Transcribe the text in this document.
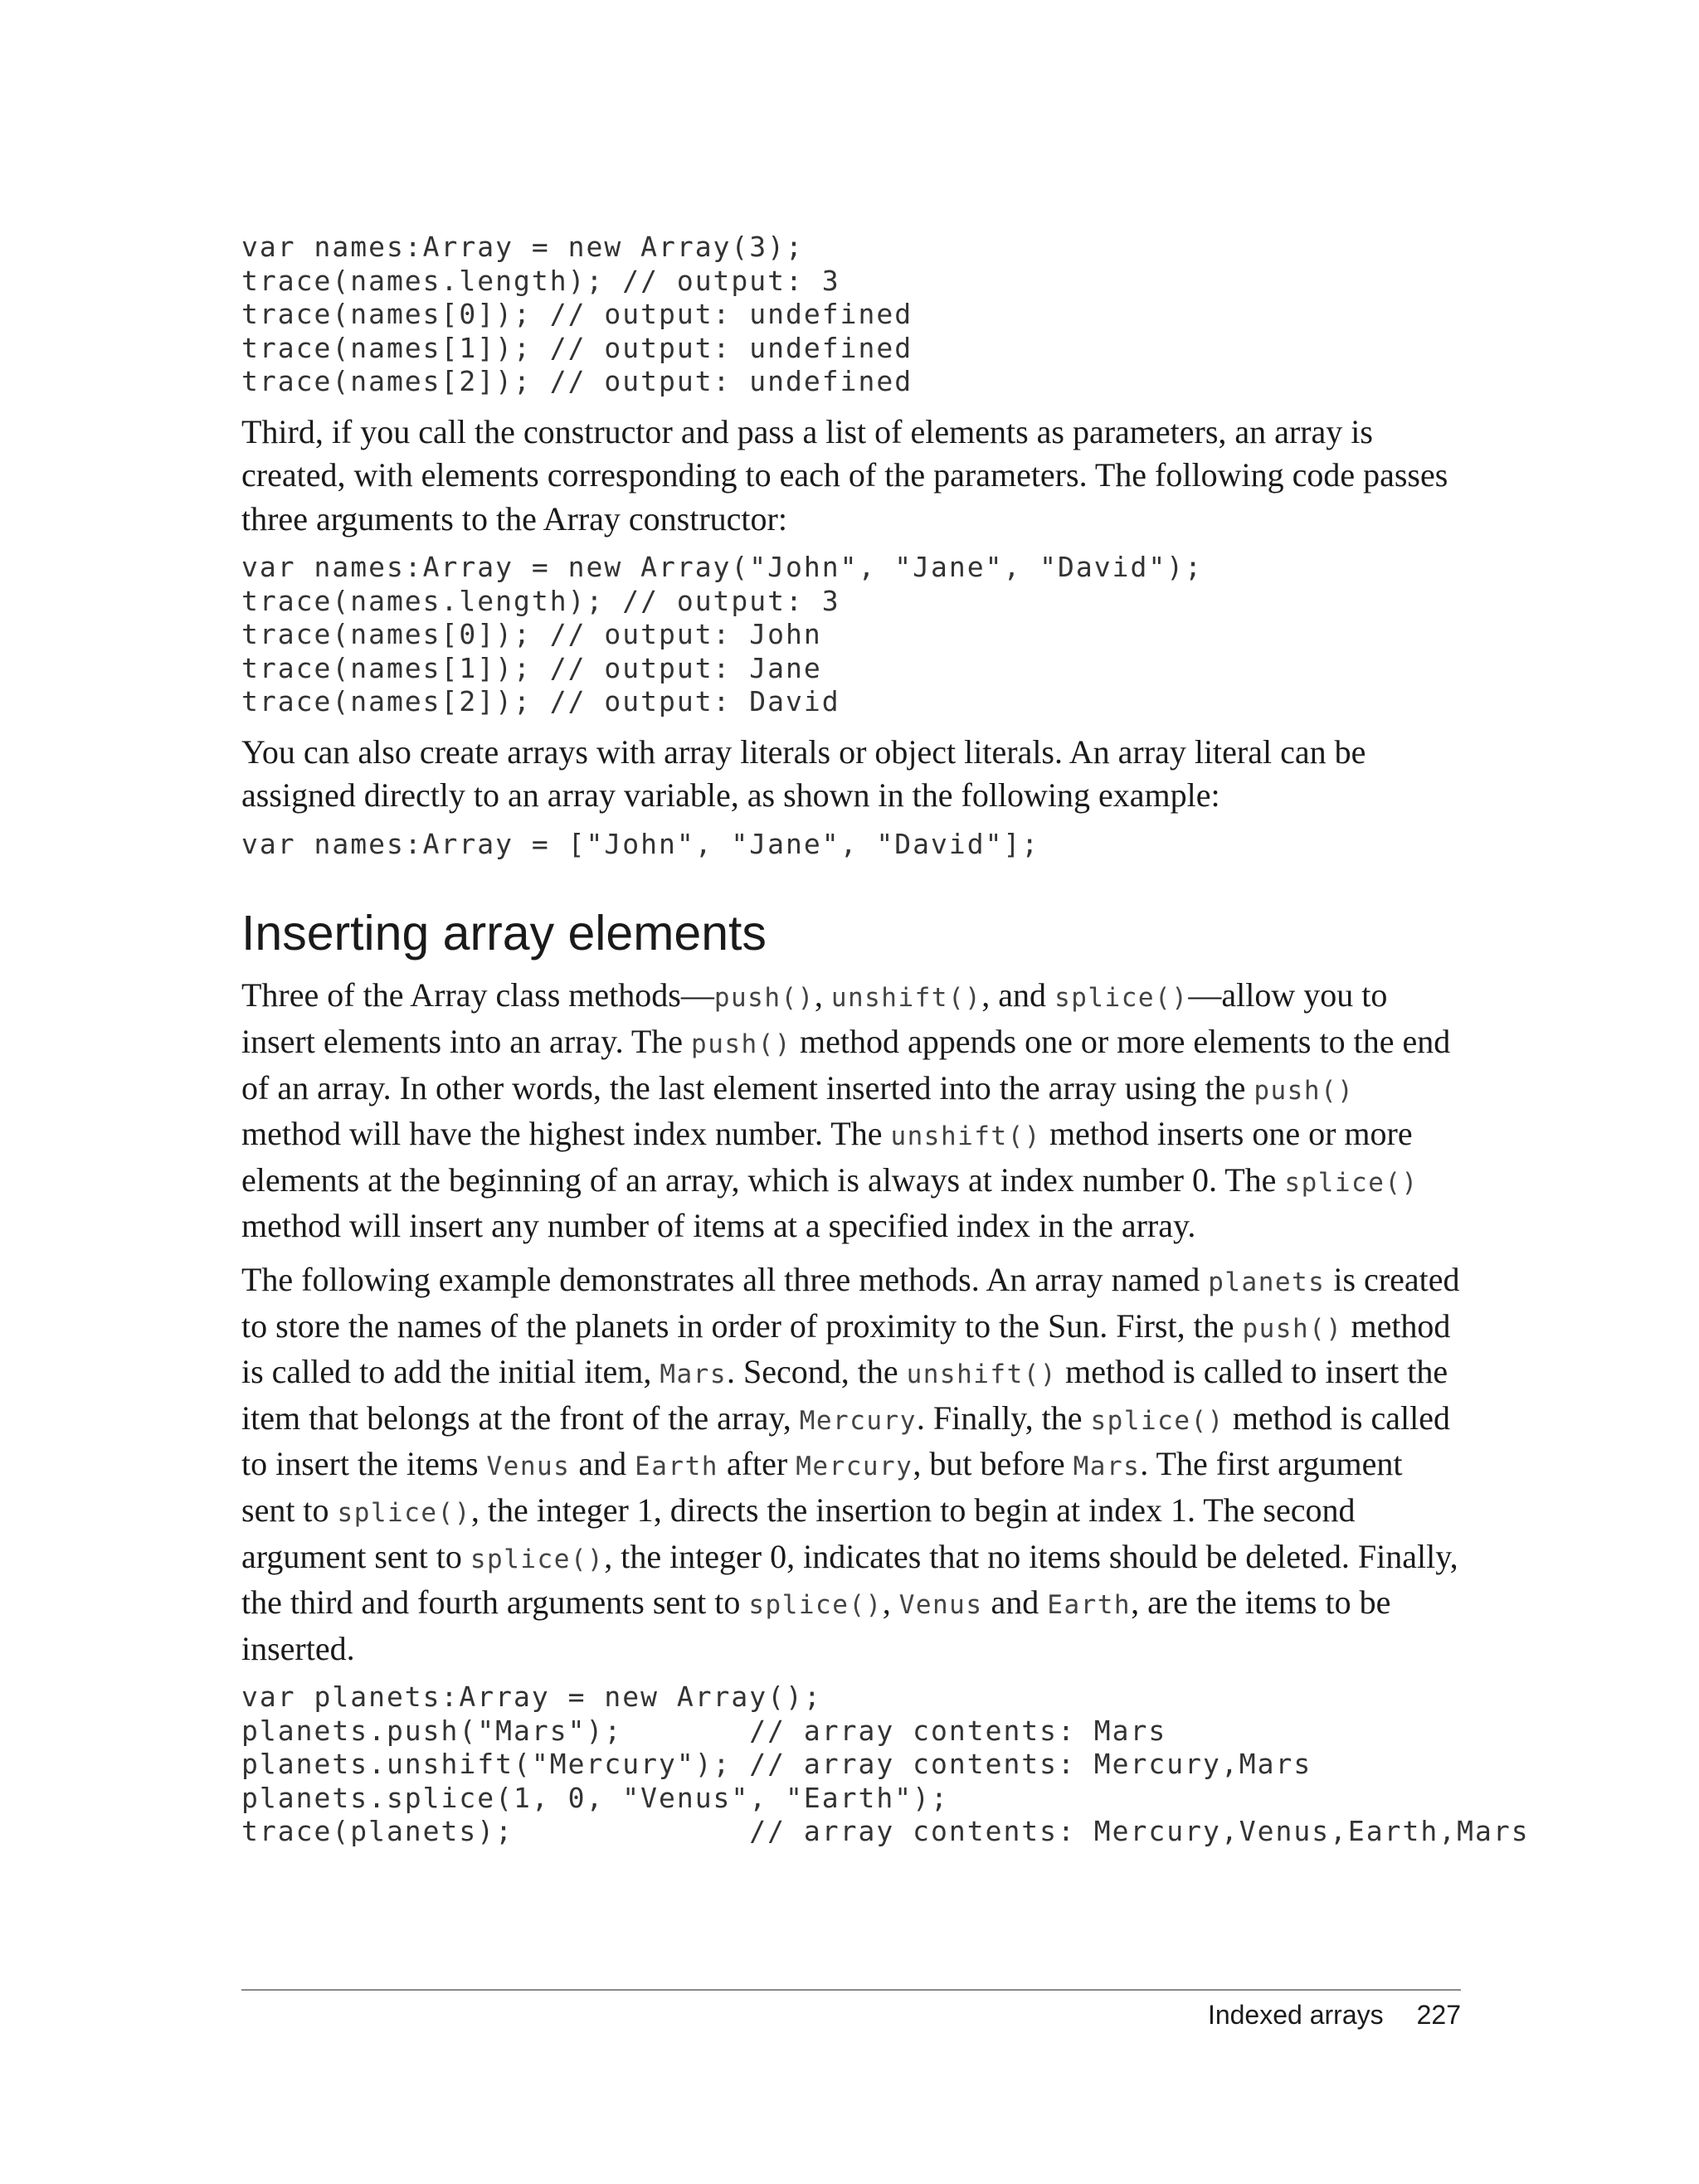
var names:Array = new Array(3);
trace(names.length); // output: 3
trace(names[0]); // output: undefined
trace(names[1]); // output: undefined
trace(names[2]); // output: undefined

Third, if you call the constructor and pass a list of elements as parameters, an array is created, with elements corresponding to each of the parameters. The following code passes three arguments to the Array constructor:

var names:Array = new Array("John", "Jane", "David");
trace(names.length); // output: 3
trace(names[0]); // output: John
trace(names[1]); // output: Jane
trace(names[2]); // output: David

You can also create arrays with array literals or object literals. An array literal can be assigned directly to an array variable, as shown in the following example:

var names:Array = ["John", "Jane", "David"];
Inserting array elements

Three of the Array class methods—push(), unshift(), and splice()—allow you to insert elements into an array. The push() method appends one or more elements to the end of an array. In other words, the last element inserted into the array using the push() method will have the highest index number. The unshift() method inserts one or more elements at the beginning of an array, which is always at index number 0. The splice() method will insert any number of items at a specified index in the array.

The following example demonstrates all three methods. An array named planets is created to store the names of the planets in order of proximity to the Sun. First, the push() method is called to add the initial item, Mars. Second, the unshift() method is called to insert the item that belongs at the front of the array, Mercury. Finally, the splice() method is called to insert the items Venus and Earth after Mercury, but before Mars. The first argument sent to splice(), the integer 1, directs the insertion to begin at index 1. The second argument sent to splice(), the integer 0, indicates that no items should be deleted. Finally, the third and fourth arguments sent to splice(), Venus and Earth, are the items to be inserted.

var planets:Array = new Array();
planets.push("Mars");       // array contents: Mars
planets.unshift("Mercury"); // array contents: Mercury,Mars
planets.splice(1, 0, "Venus", "Earth");
trace(planets);             // array contents: Mercury,Venus,Earth,Mars
Indexed arrays 227
